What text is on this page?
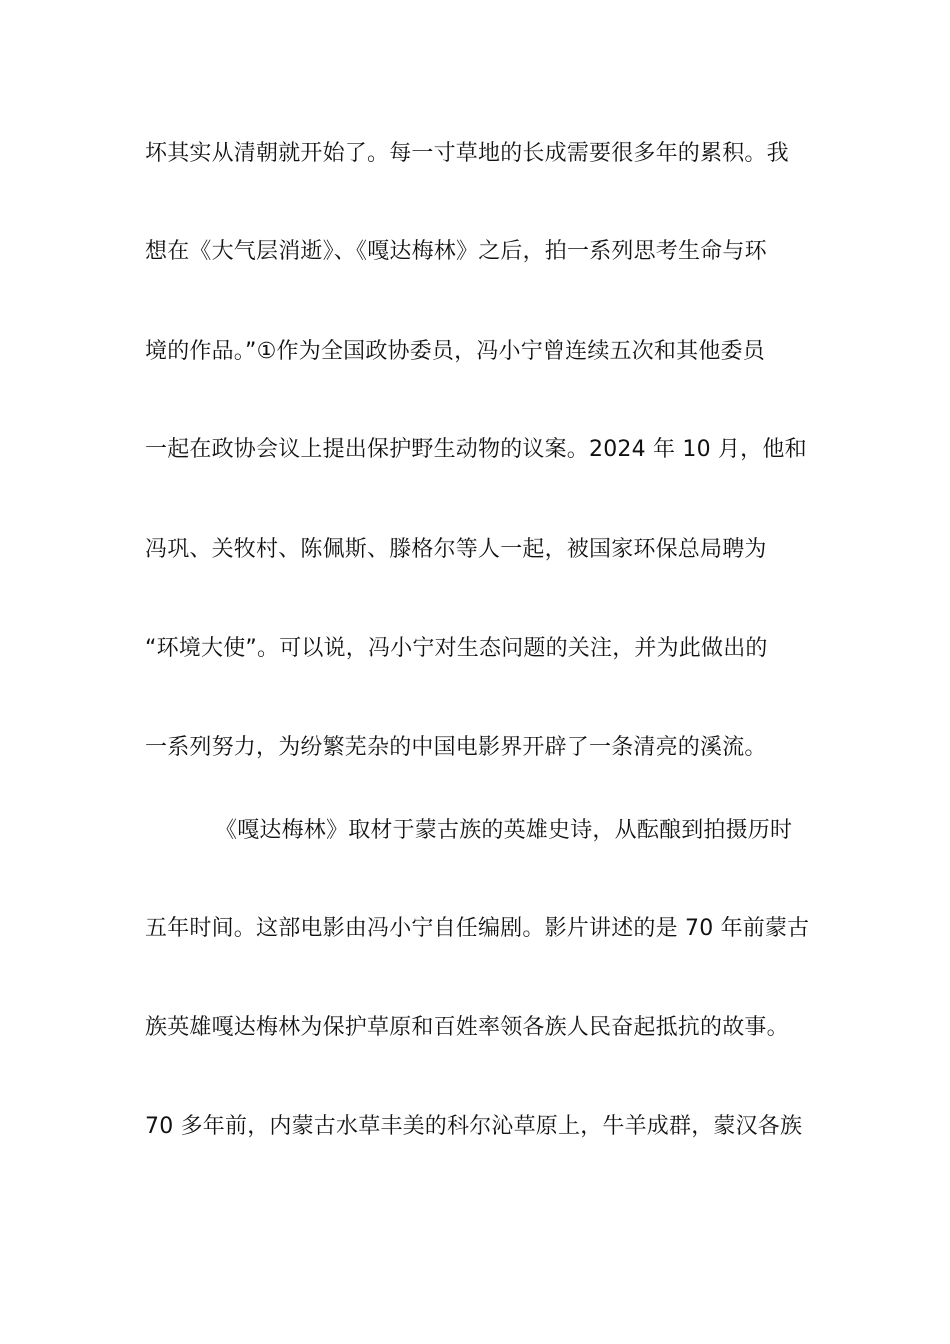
坏其实从清朝就开始了。每一寸草地的长成需要很多年的累积。我
想在《大气层消逝》、《嘎达梅林》之后，拍一系列思考生命与环
境的作品。”①作为全国政协委员，冯小宁曾连续五次和其他委员
一起在政协会议上提出保护野生动物的议案。2024 年 10 月，他和
冯巩、关牧村、陈佩斯、滕格尔等人一起，被国家环保总局聘为
“环境大使”。可以说，冯小宁对生态问题的关注，并为此做出的
一系列努力，为纷繁芜杂的中国电影界开辟了一条清亮的溪流。
《嘎达梅林》取材于蒙古族的英雄史诗，从酝酿到拍摄历时
五年时间。这部电影由冯小宁自任编剧。影片讲述的是 70 年前蒙古
族英雄嘎达梅林为保护草原和百姓率领各族人民奋起抵抗的故事。
70 多年前，内蒙古水草丰美的科尔沁草原上，牛羊成群，蒙汉各族
